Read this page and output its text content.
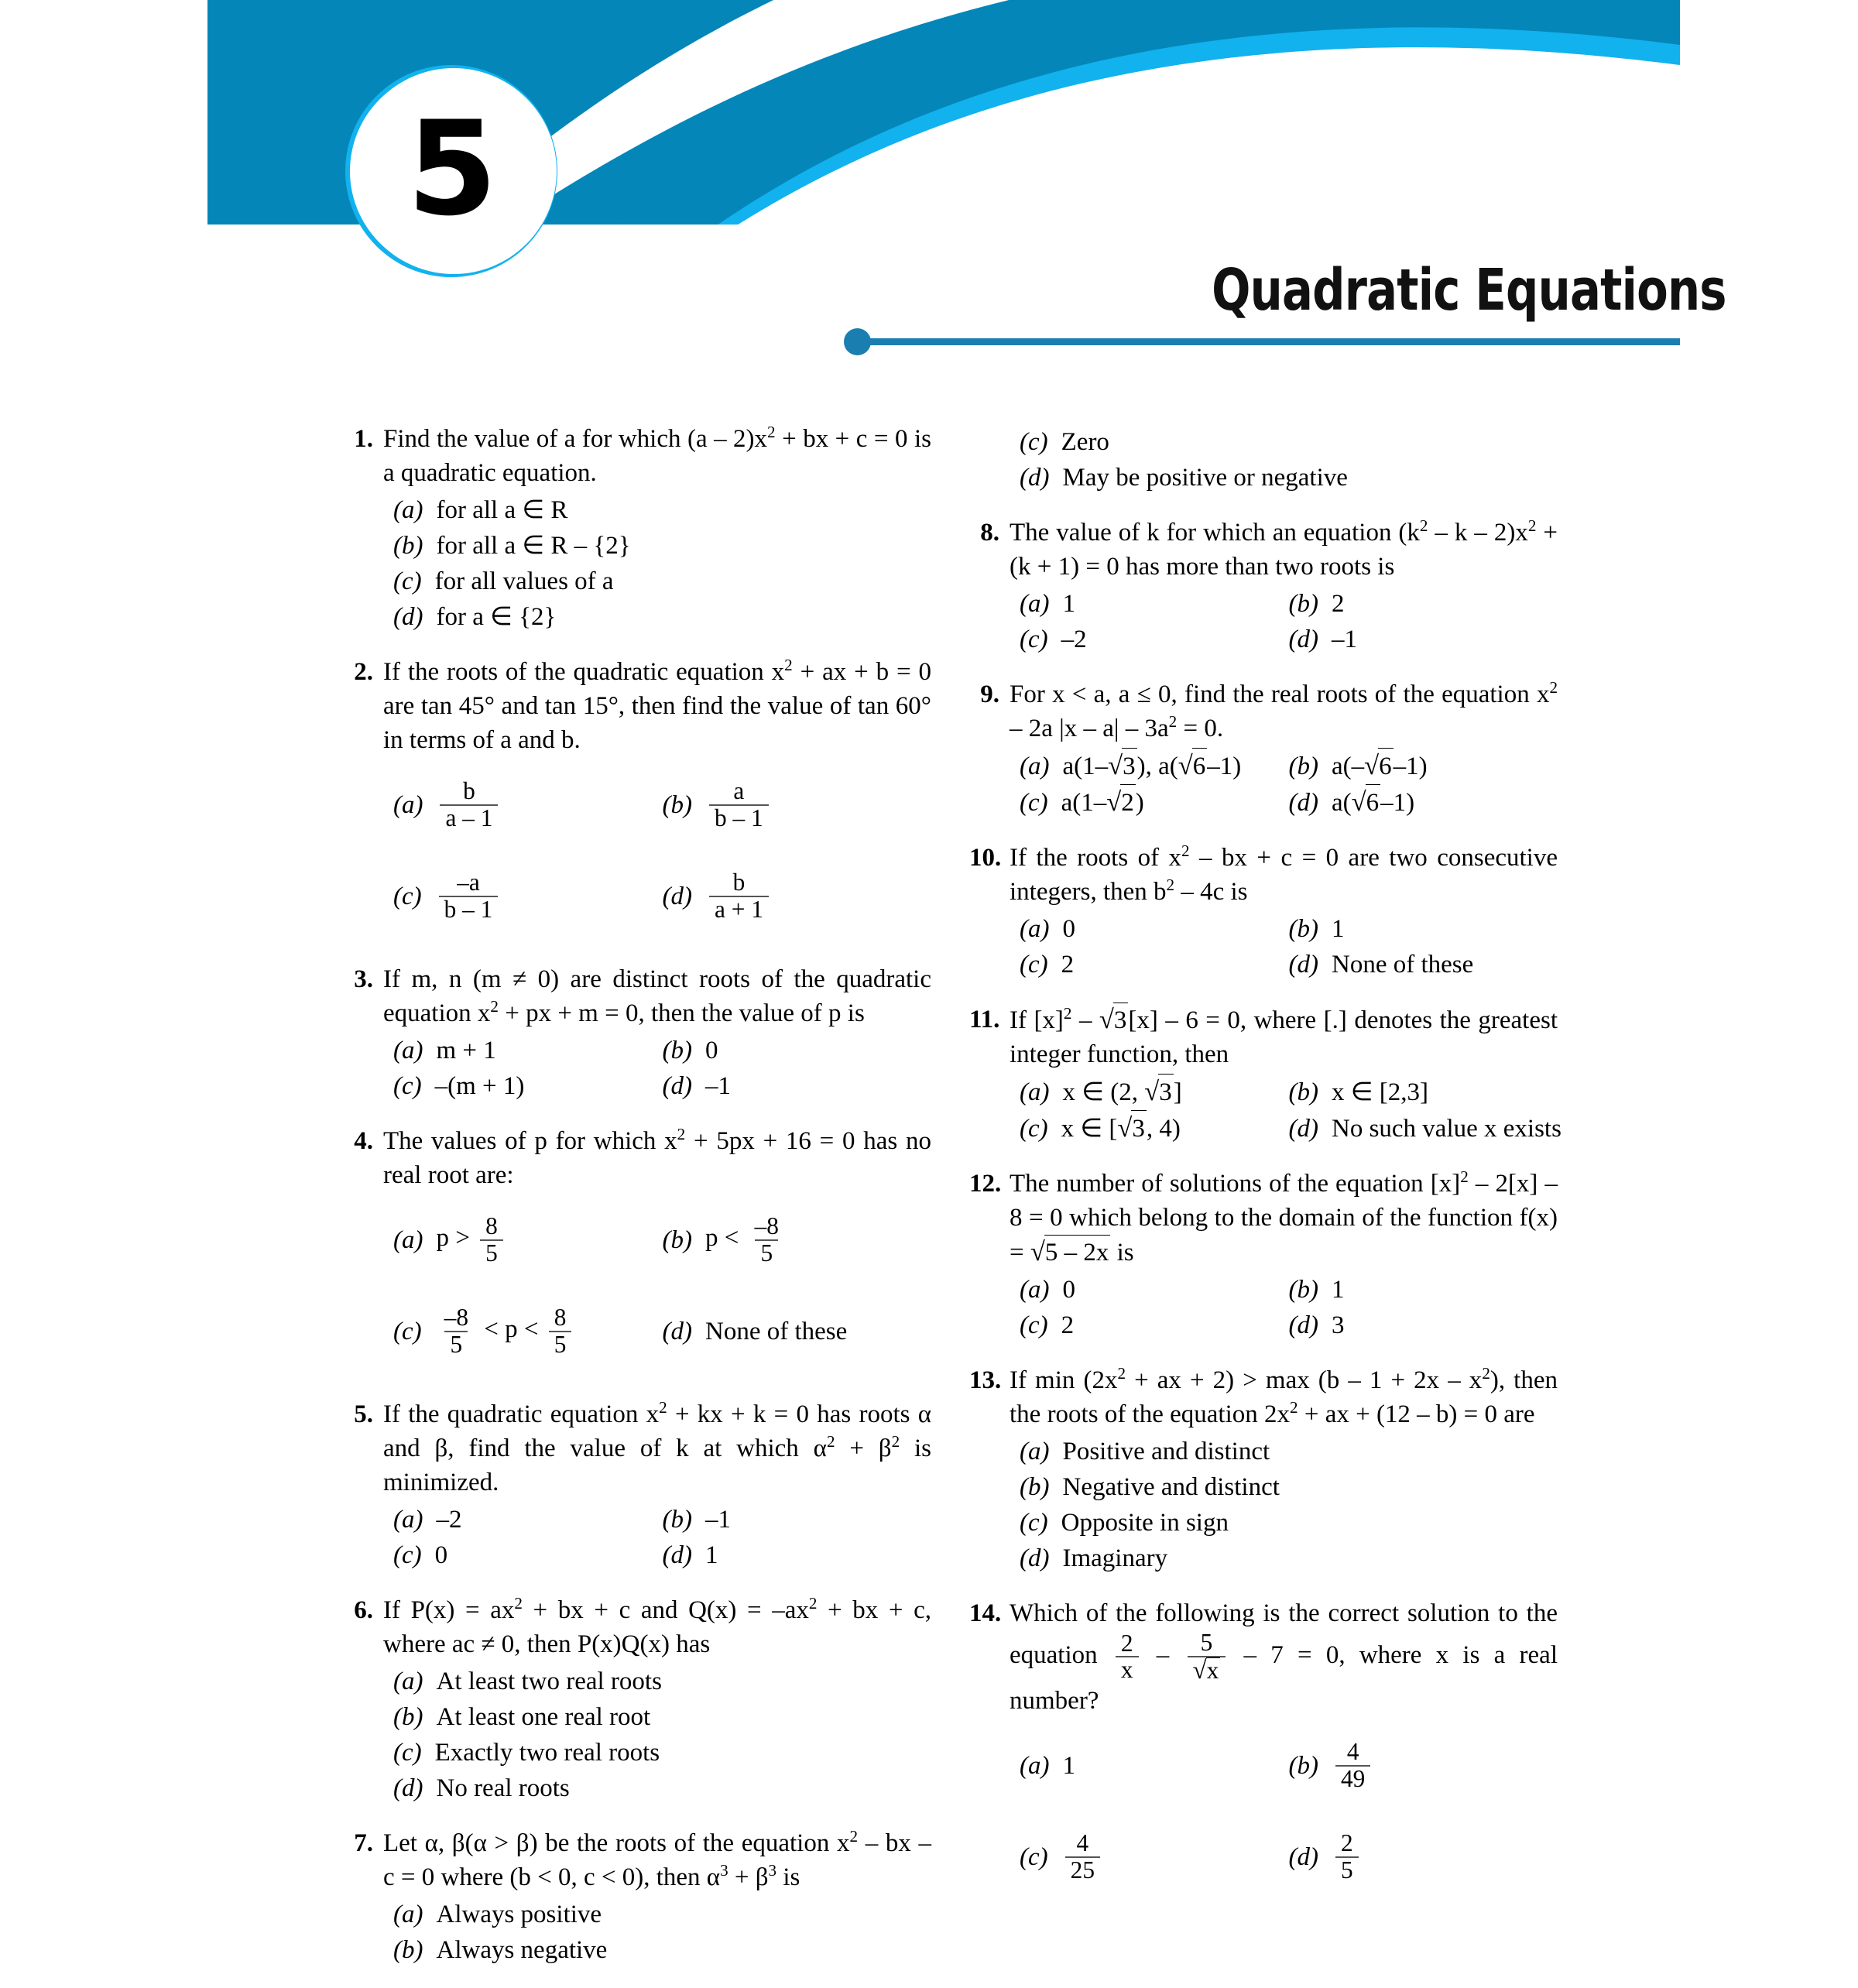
5
Quadratic Equations
1. Find the value of a for which $(a - 2)x^2$ + bx + c = 0 is a quadratic equation.
(a) for all a ∈ R
(b) for all a ∈ R – {2}
(c) for all values of a
(d) for a ∈ {2}
2. If the roots of the quadratic equation $x^2$ + ax + b = 0 are tan 45° and tan 15°, then find the value of tan 60° in terms of a and b.
$(a) \frac{b}{a - 1}$	$(b) \frac{a}{b - 1}$
$(c) \frac{-a}{b - 1}$	$(d) \frac{b}{a + 1}$
3. If m, n (m ≠ 0) are distinct roots of the quadratic equation $x^2$ + px + m = 0, then the value of p is
(a) m + 1	(b) 0
(c) –(m + 1)	(d) –1
4. The values of p for which $x^2 + 5px + 16 = 0$ has no real root are:
(a) $p > \frac{8}{5}$	(b) $p < \frac{-8}{5}$
$(c) \frac{-8}{5} < p < \frac{8}{5}$	(d) None of these
5. If the quadratic equation $x^2$ + kx + k = 0 has roots α and β, find the value of k at which $\alpha^2 + \beta^2$ is minimized.
(a) –2	(b) –1
(c) 0	(d) 1
6. If $P(x) = ax^2$ + bx + c and $Q(x) = -ax^2$ + bx + c, where ac ≠ 0, then P(x)Q(x) has
(a) At least two real roots
(b) At least one real root
(c) Exactly two real roots
(d) No real roots
7. Let α, β(α > β) be the roots of the equation $x^2$ – bx – c = 0 where (b < 0, c < 0), then $\alpha^3 + \beta^3$ is
(a) Always positive
(b) Always negative
(c) Zero
(d) May be positive or negative
8. The value of k for which an equation $(k^2 - k - 2)x^2 + (k + 1) = 0$ has more than two roots is
(a) 1	(b) 2
(c) –2	(d) –1
9. For x < a, a ≤ 0, find the real roots of the equation $x^2 - 2a$ $|x - a| - 3a^2 = 0$.
(a) a(1–√3), a(√6–1) (b) a(–√6–1)
(c) a(1–√2)	(d) a(√6–1)
10. If the roots of $x^2$ – bx + c = 0 are two consecutive integers, then $b^2 - 4c$ is
(a) 0	(b) 1
(c) 2	(d) None of these
11. If $[x]^2 - √3[x] - 6 = 0$, where [.] denotes the greatest integer function, then
(a) x ∈ (2, √3]	(b) x ∈ [2,3]
(c) x ∈ [√3, 4)	(d) No such value x exists
12. The number of solutions of the equation $[x]^2 - 2[x] - 8 = 0$ which belong to the domain of the function f(x) = √5 – 2x is
(a) 0	(b) 1
(c) 2	(d) 3
13. If $\min (2x^2$ + ax + $2) > \max (b - 1 + 2x - x^2)$, then the roots of the equation $2x^2$ + ax + (12 – b) = 0 are
(a) Positive and distinct
(b) Negative and distinct
(c) Opposite in sign
(d) Imaginary
14. Which of the following is the correct solution to the equation $\frac{2}{x} - \frac{5}{√x} - 7 = 0$, where x is a real number?
(a) 1	$(b) \frac{4}{49}$
$(c) \frac{4}{25}$	$(d) \frac{2}{5}$
